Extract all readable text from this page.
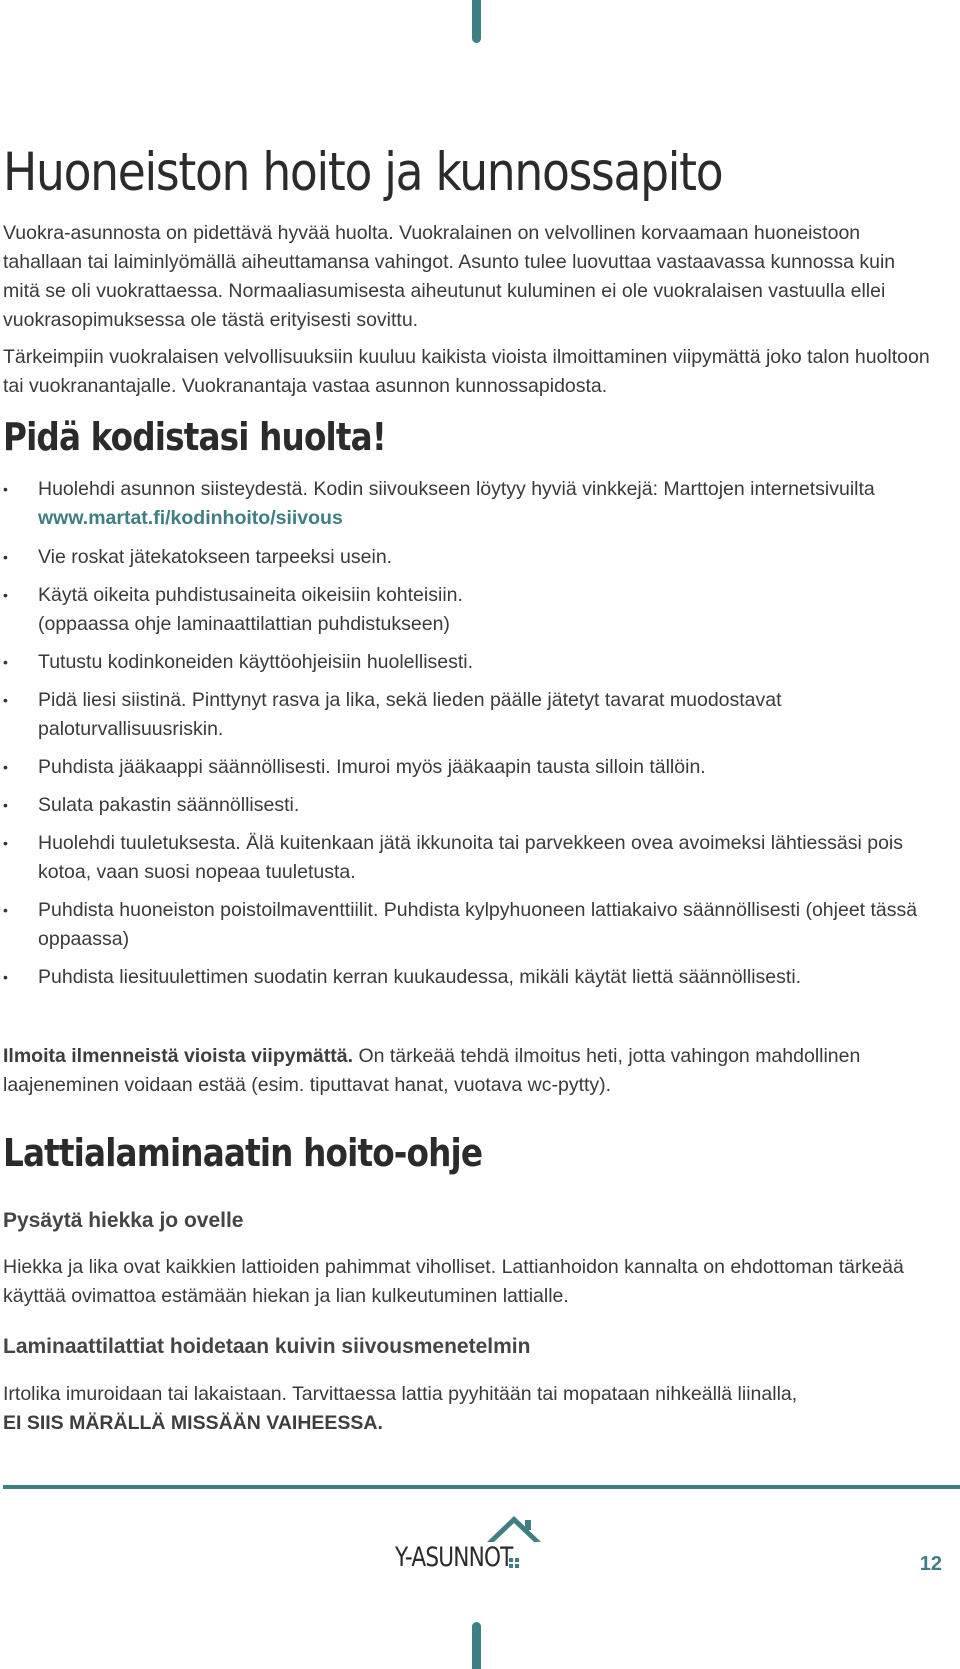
Huoneiston hoito ja kunnossapito

Vuokra-asunnosta on pidettävä hyvää huolta. Vuokralainen on velvollinen korvaamaan huoneistoon tahallaan tai laiminlyömällä aiheuttamansa vahingot. Asunto tulee luovuttaa vastaavassa kunnossa kuin mitä se oli vuokrattaessa. Normaaliasumisesta aiheutunut kuluminen ei ole vuokralaisen vastuulla ellei vuokrasopimuksessa ole tästä erityisesti sovittu.

Tärkeimpiin vuokralaisen velvollisuuksiin kuuluu kaikista vioista ilmoittaminen viipymättä joko talon huoltoon tai vuokranantajalle. Vuokranantaja vastaa asunnon kunnossapidosta.

Pidä kodistasi huolta!
• Huolehdi asunnon siisteydestä. Kodin siivoukseen löytyy hyviä vinkkejä: Marttojen internetsivuilta www.martat.fi/kodinhoito/siivous
• Vie roskat jätekatokseen tarpeeksi usein.
• Käytä oikeita puhdistusaineita oikeisiin kohteisiin.
(oppaassa ohje laminaattilattian puhdistukseen)
• Tutustu kodinkoneiden käyttöohjeisiin huolellisesti.
• Pidä liesi siistinä. Pinttynyt rasva ja lika, sekä lieden päälle jätetyt tavarat muodostavat paloturvallisuusriskin.
• Puhdista jääkaappi säännöllisesti. Imuroi myös jääkaapin tausta silloin tällöin.
• Sulata pakastin säännöllisesti.
• Huolehdi tuuletuksesta. Älä kuitenkaan jätä ikkunoita tai parvekkeen ovea avoimeksi lähtiessäsi pois kotoa, vaan suosi nopeaa tuuletusta.
• Puhdista huoneiston poistoilmaventtiilit. Puhdista kylpyhuoneen lattiakaivo säännöllisesti (ohjeet tässä oppaassa)
• Puhdista liesituulettimen suodatin kerran kuukaudessa, mikäli käytät liettä säännöllisesti.

Ilmoita ilmenneistä vioista viipymättä. On tärkeää tehdä ilmoitus heti, jotta vahingon mahdollinen laajeneminen voidaan estää (esim. tiputtavat hanat, vuotava wc-pytty).

Lattialaminaatin hoito-ohje
Pysäytä hiekka jo ovelle

Hiekka ja lika ovat kaikkien lattioiden pahimmat viholliset. Lattianhoidon kannalta on ehdottoman tärkeää käyttää ovimattoa estämään hiekan ja lian kulkeutuminen lattialle.

Laminaattilattiat hoidetaan kuivin siivousmenetelmin

Irtolika imuroidaan tai lakaistaan. Tarvittaessa lattia pyyhitään tai mopataan nihkeällä liinalla,
EI SIIS MÄRÄLLÄ MISSÄÄN VAIHEESSA.

Y-ASUNNOT	12
